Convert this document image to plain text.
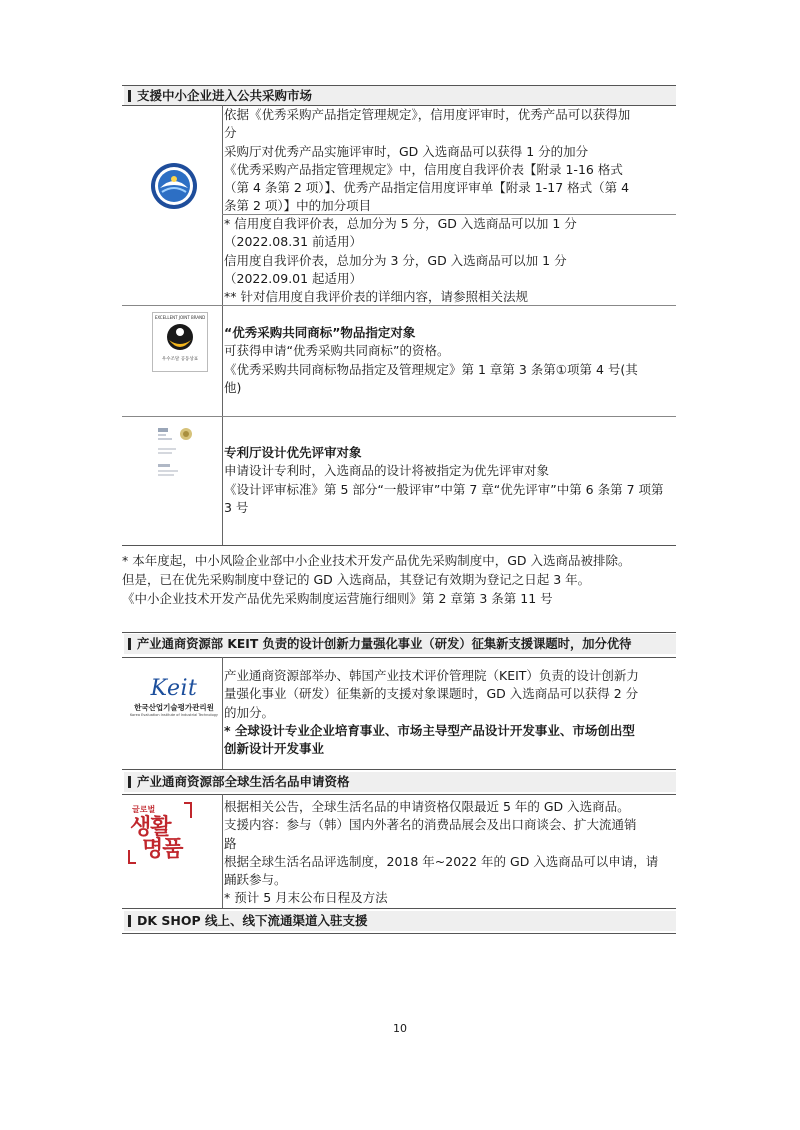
支援中小企业进入公共采购市场

依据《优秀采购产品指定管理规定》，信用度评审时，优秀产品可以获得加

分

采购厅对优秀产品实施评审时，GD 入选商品可以获得 1 分的加分

《优秀采购产品指定管理规定》中，信用度自我评价表【附录 1-16 格式

（第 4 条第 2 项）】、优秀产品指定信用度评审单【附录 1-17 格式（第 4

条第 2 项）】中的加分项目

* 信用度自我评价表，总加分为 5 分，GD 入选商品可以加 1 分

（2022.08.31 前适用）

信用度自我评价表，总加分为 3 分，GD 入选商品可以加 1 分

（2022.09.01 起适用）

** 针对信用度自我评价表的详细内容，请参照相关法规

EXCELLENT JOINT BRAND
우수조달 공동상표

“优秀采购共同商标”物品指定对象

可获得申请“优秀采购共同商标”的资格。

《优秀采购共同商标物品指定及管理规定》第 1 章第 3 条第①项第 4 号(其

他)

专利厅设计优先评审对象

申请设计专利时，入选商品的设计将被指定为优先评审对象

《设计评审标准》第 5 部分“一般评审”中第 7 章“优先评审”中第 6 条第 7 项第

3 号

* 本年度起，中小风险企业部中小企业技术开发产品优先采购制度中，GD 入选商品被排除。

但是，已在优先采购制度中登记的 GD 入选商品，其登记有效期为登记之日起 3 年。

《中小企业技术开发产品优先采购制度运营施行细则》第 2 章第 3 条第 11 号

产业通商资源部 KEIT 负责的设计创新力量强化事业（研发）征集新支援课题时，加分优待
Keit
한국산업기술평가관리원
Korea Evaluation Institute of Industrial Technology

产业通商资源部举办、韩国产业技术评价管理院（KEIT）负责的设计创新力

量强化事业（研发）征集新的支援对象课题时，GD 入选商品可以获得 2 分

的加分。

* 全球设计专业企业培育事业、市场主导型产品设计开发事业、市场创出型

创新设计开发事业

产业通商资源部全球生活名品申请资格
글로벌
생활
명품

根据相关公告，全球生活名品的申请资格仅限最近 5 年的 GD 入选商品。

支援内容：参与（韩）国内外著名的消费品展会及出口商谈会、扩大流通销

路

根据全球生活名品评选制度，2018 年~2022 年的 GD 入选商品可以申请，请

踊跃参与。

* 预计 5 月末公布日程及方法

DK SHOP 线上、线下流通渠道入驻支援
10
